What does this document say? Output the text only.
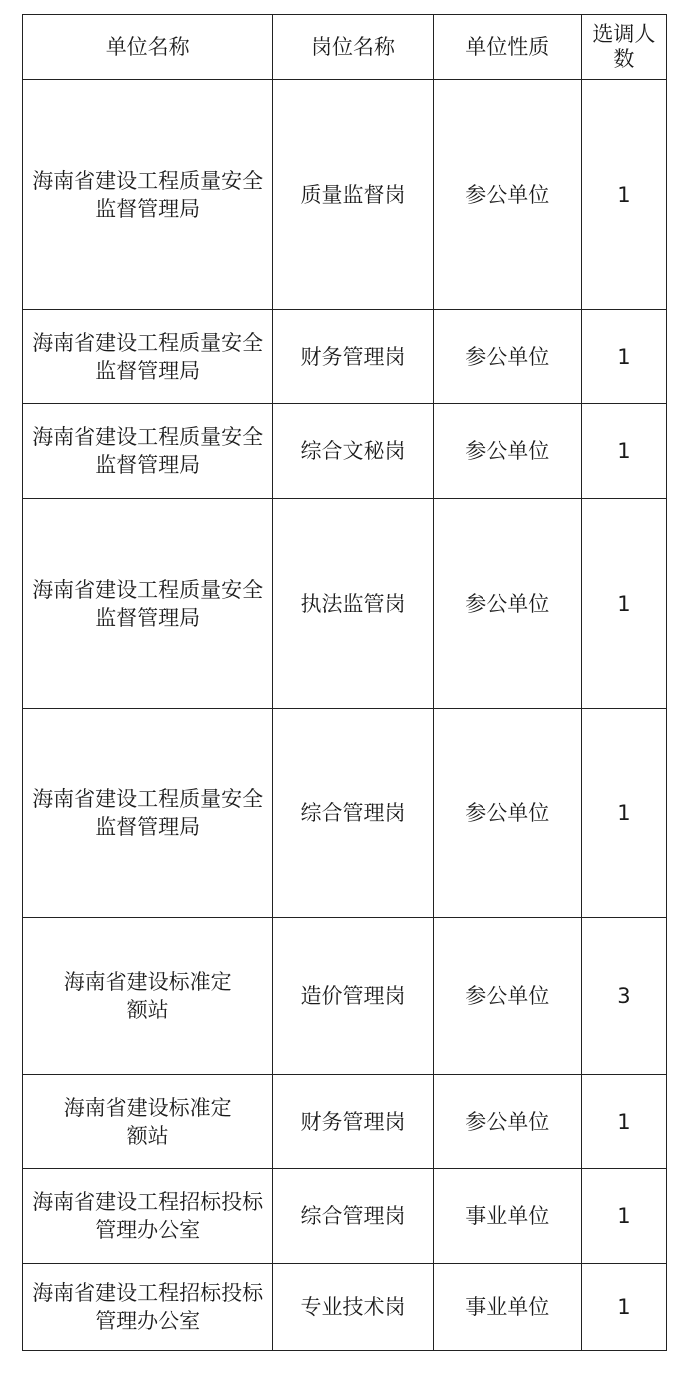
单位名称	岗位名称	单位性质	选调人数
海南省建设工程质量安全监督管理局	质量监督岗	参公单位	1
海南省建设工程质量安全监督管理局	财务管理岗	参公单位	1
海南省建设工程质量安全监督管理局	综合文秘岗	参公单位	1
海南省建设工程质量安全监督管理局	执法监管岗	参公单位	1
海南省建设工程质量安全监督管理局	综合管理岗	参公单位	1
海南省建设标准定额站	造价管理岗	参公单位	3
海南省建设标准定额站	财务管理岗	参公单位	1
海南省建设工程招标投标管理办公室	综合管理岗	事业单位	1
海南省建设工程招标投标管理办公室	专业技术岗	事业单位	1
